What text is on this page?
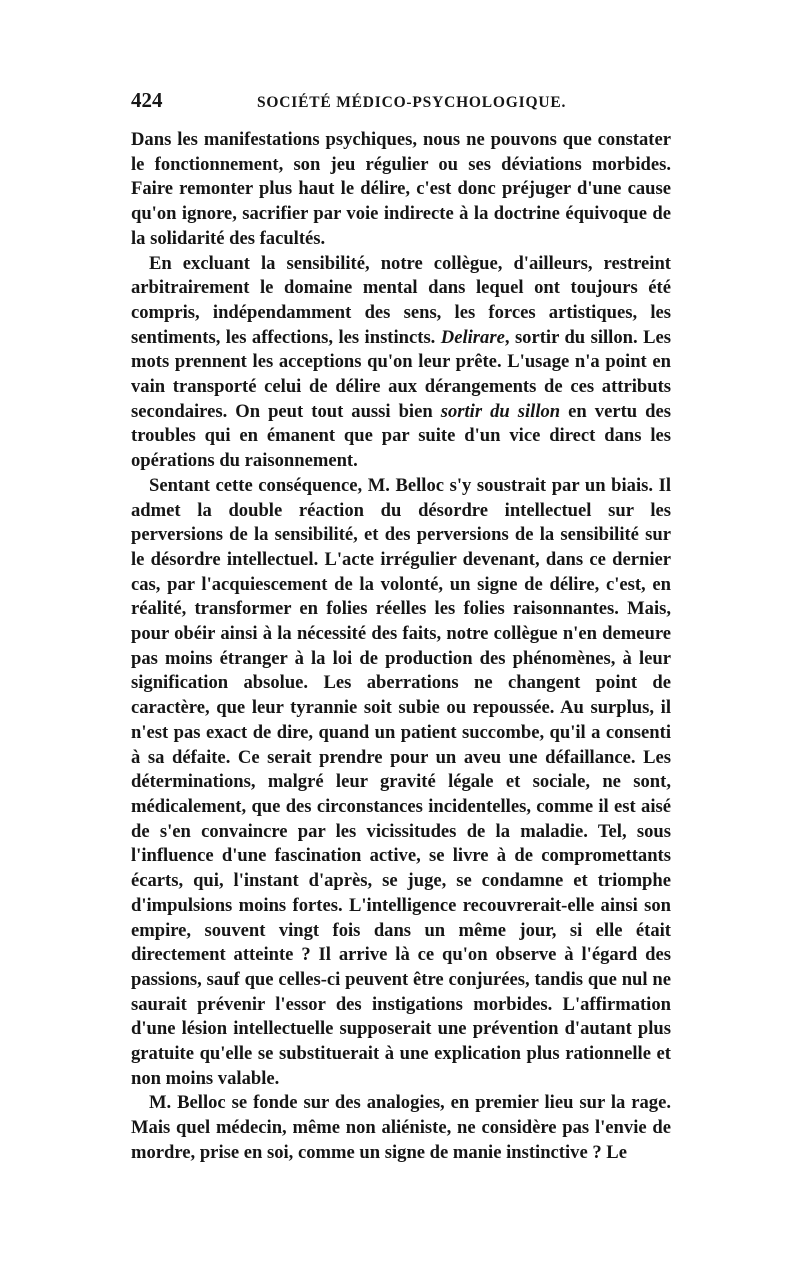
424	SOCIÉTÉ MÉDICO-PSYCHOLOGIQUE.

Dans les manifestations psychiques, nous ne pouvons que constater le fonctionnement, son jeu régulier ou ses déviations morbides. Faire remonter plus haut le délire, c'est donc préjuger d'une cause qu'on ignore, sacrifier par voie indirecte à la doctrine équivoque de la solidarité des facultés.

En excluant la sensibilité, notre collègue, d'ailleurs, restreint arbitrairement le domaine mental dans lequel ont toujours été compris, indépendamment des sens, les forces artistiques, les sentiments, les affections, les instincts. Delirare, sortir du sillon. Les mots prennent les acceptions qu'on leur prête. L'usage n'a point en vain transporté celui de délire aux dérangements de ces attributs secondaires. On peut tout aussi bien sortir du sillon en vertu des troubles qui en émanent que par suite d'un vice direct dans les opérations du raisonnement.

Sentant cette conséquence, M. Belloc s'y soustrait par un biais. Il admet la double réaction du désordre intellectuel sur les perversions de la sensibilité, et des perversions de la sensibilité sur le désordre intellectuel. L'acte irrégulier devenant, dans ce dernier cas, par l'acquiescement de la volonté, un signe de délire, c'est, en réalité, transformer en folies réelles les folies raisonnantes. Mais, pour obéir ainsi à la nécessité des faits, notre collègue n'en demeure pas moins étranger à la loi de production des phénomènes, à leur signification absolue. Les aberrations ne changent point de caractère, que leur tyrannie soit subie ou repoussée. Au surplus, il n'est pas exact de dire, quand un patient succombe, qu'il a consenti à sa défaite. Ce serait prendre pour un aveu une défaillance. Les déterminations, malgré leur gravité légale et sociale, ne sont, médicalement, que des circonstances incidentelles, comme il est aisé de s'en convaincre par les vicissitudes de la maladie. Tel, sous l'influence d'une fascination active, se livre à de compromettants écarts, qui, l'instant d'après, se juge, se condamne et triomphe d'impulsions moins fortes. L'intelligence recouvrerait-elle ainsi son empire, souvent vingt fois dans un même jour, si elle était directement atteinte ? Il arrive là ce qu'on observe à l'égard des passions, sauf que celles-ci peuvent être conjurées, tandis que nul ne saurait prévenir l'essor des instigations morbides. L'affirmation d'une lésion intellectuelle supposerait une prévention d'autant plus gratuite qu'elle se substituerait à une explication plus rationnelle et non moins valable.

M. Belloc se fonde sur des analogies, en premier lieu sur la rage. Mais quel médecin, même non aliéniste, ne considère pas l'envie de mordre, prise en soi, comme un signe de manie instinctive ? Le
